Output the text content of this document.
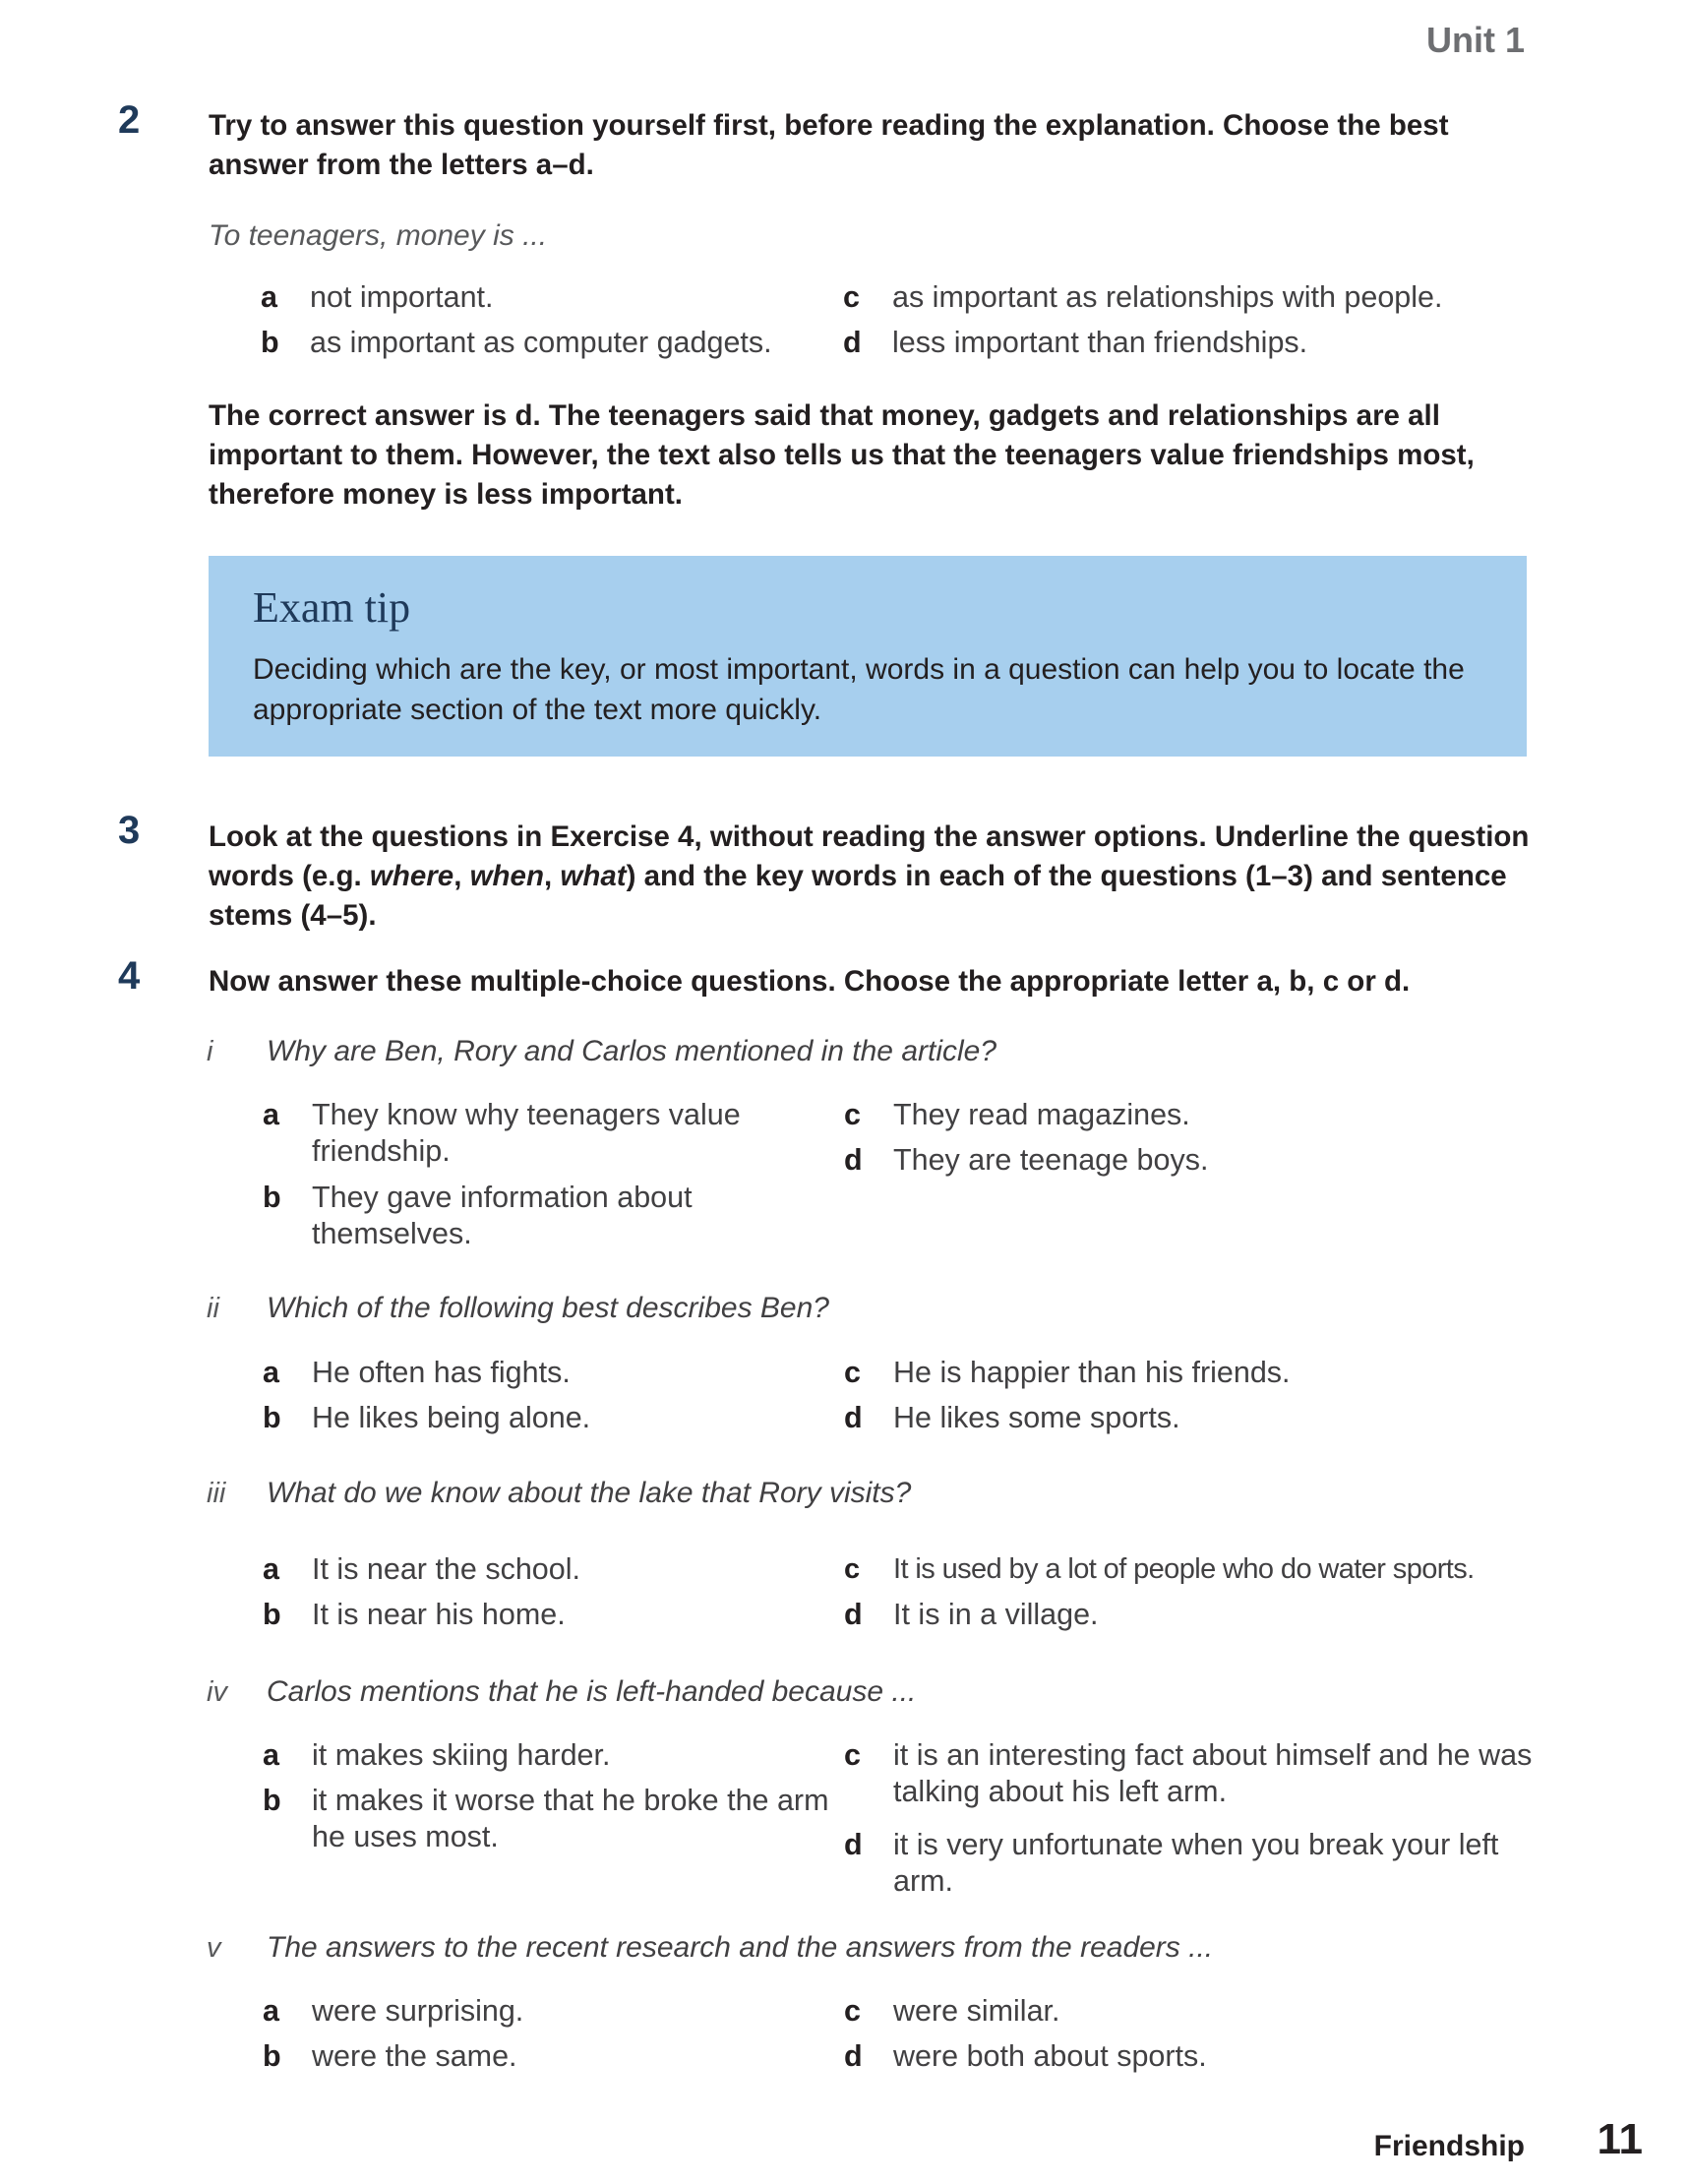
Unit 1
2 Try to answer this question yourself first, before reading the explanation. Choose the best answer from the letters a–d.
To teenagers, money is ...
a	not important.
b	as important as computer gadgets.
c	as important as relationships with people.
d	less important than friendships.
The correct answer is d. The teenagers said that money, gadgets and relationships are all important to them. However, the text also tells us that the teenagers value friendships most, therefore money is less important.
Exam tip
Deciding which are the key, or most important, words in a question can help you to locate the appropriate section of the text more quickly.
3 Look at the questions in Exercise 4, without reading the answer options. Underline the question words (e.g. where, when, what) and the key words in each of the questions (1–3) and sentence stems (4–5).
4 Now answer these multiple-choice questions. Choose the appropriate letter a, b, c or d.
i Why are Ben, Rory and Carlos mentioned in the article?
a	They know why teenagers value friendship.
b	They gave information about themselves.
c	They read magazines.
d	They are teenage boys.
ii Which of the following best describes Ben?
a	He often has fights.
b	He likes being alone.
c	He is happier than his friends.
d	He likes some sports.
iii What do we know about the lake that Rory visits?
a	It is near the school.
b	It is near his home.
c	It is used by a lot of people who do water sports.
d	It is in a village.
iv Carlos mentions that he is left-handed because ...
a	it makes skiing harder.
b	it makes it worse that he broke the arm he uses most.
c	it is an interesting fact about himself and he was talking about his left arm.
d	it is very unfortunate when you break your left arm.
v The answers to the recent research and the answers from the readers ...
a	were surprising.
b	were the same.
c	were similar.
d	were both about sports.
Friendship 11
